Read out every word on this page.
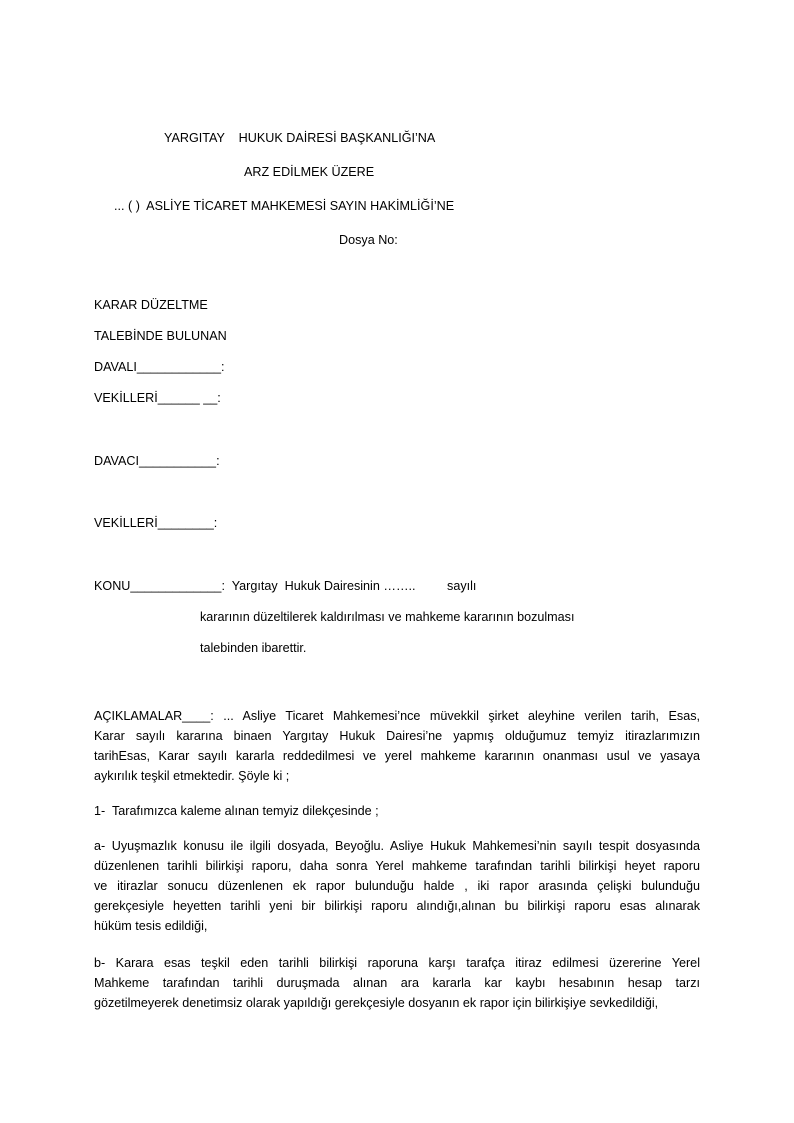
YARGITAY    HUKUK DAİRESİ BAŞKANLIĞI’NA
ARZ EDİLMEK ÜZERE
... ( )  ASLİYE TİCARET MAHKEMESİ SAYIN HAKİMLİĞİ’NE
Dosya No:
KARAR DÜZELTME
TALEBİNDE BULUNAN
DAVALI____________:
VEKİLLERİ______ __:
DAVACI___________:
VEKİLLERİ________:
KONU_____________:  Yargıtay  Hukuk Dairesinin ……..         sayılı
kararının düzeltilerek kaldırılması ve mahkeme kararının bozulması
talebinden ibarettir.
AÇIKLAMALAR____: ... Asliye Ticaret Mahkemesi’nce müvekkil şirket aleyhine verilen tarih, Esas,
Karar sayılı kararına binaen Yargıtay Hukuk Dairesi’ne yapmış olduğumuz temyiz itirazlarımızın
tarihEsas, Karar sayılı kararla reddedilmesi ve yerel mahkeme kararının onanması usul ve yasaya
aykırılık teşkil etmektedir. Şöyle ki ;
1-  Tarafımızca kaleme alınan temyiz dilekçesinde ;
a- Uyuşmazlık konusu ile ilgili dosyada, Beyoğlu. Asliye Hukuk Mahkemesi’nin sayılı tespit dosyasında
düzenlenen tarihli bilirkişi raporu, daha sonra Yerel mahkeme tarafından tarihli bilirkişi heyet raporu
ve itirazlar sonucu düzenlenen ek rapor bulunduğu halde , iki rapor arasında çelişki bulunduğu
gerekçesiyle heyetten tarihli yeni bir bilirkişi raporu alındığı,alınan bu bilirkişi raporu esas alınarak
hüküm tesis edildiği,
b- Karara esas teşkil eden tarihli bilirkişi raporuna karşı tarafça itiraz edilmesi üzererine Yerel
Mahkeme tarafından tarihli duruşmada alınan ara kararla kar kaybı hesabının hesap tarzı
gözetilmeyerek denetimsiz olarak yapıldığı gerekçesiyle dosyanın ek rapor için bilirkişiye sevkedildiği,
